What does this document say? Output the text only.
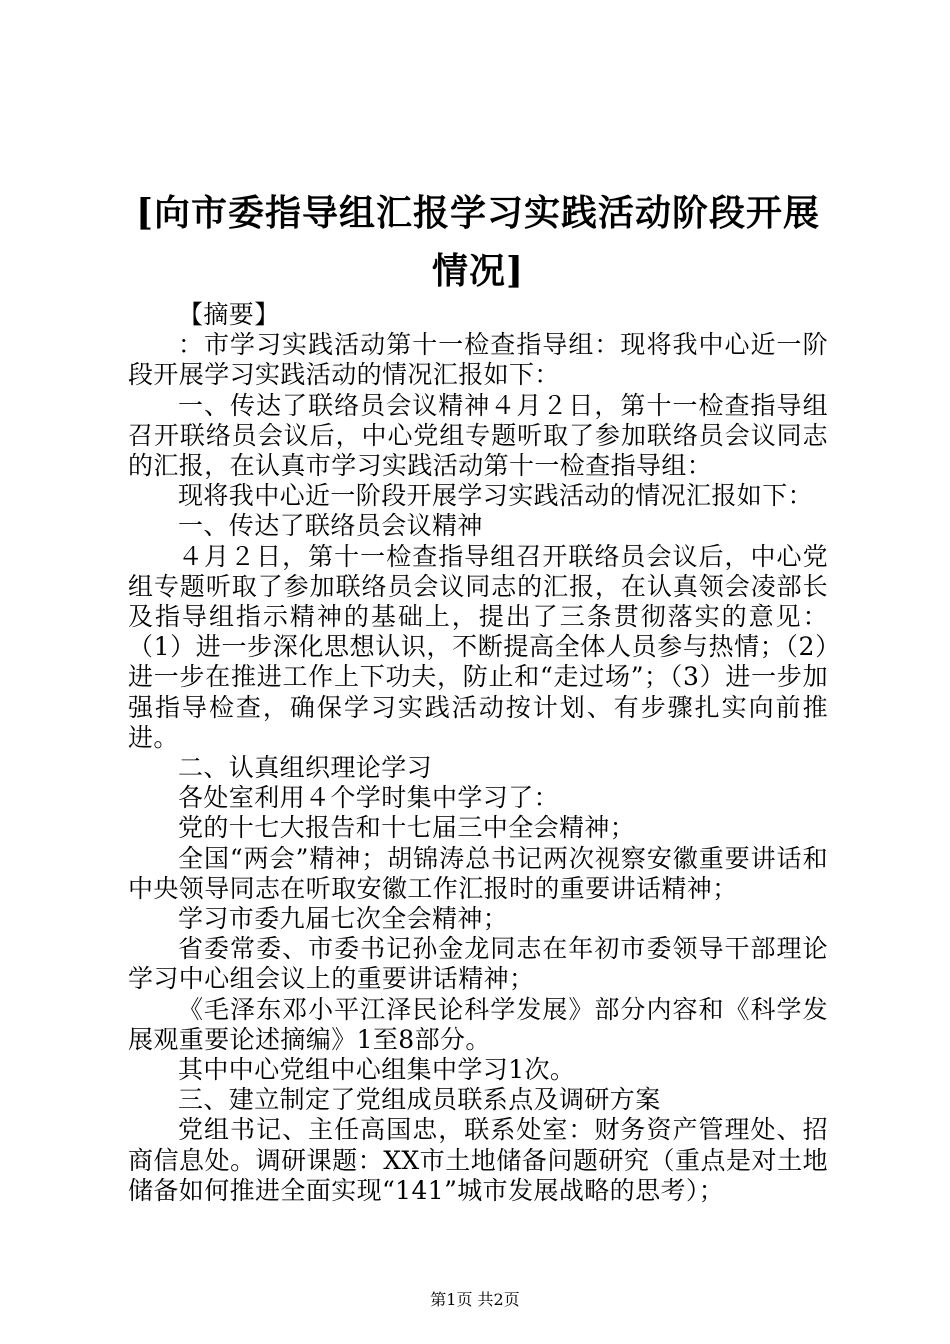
[向市委指导组汇报学习实践活动阶段开展情况]

【摘要】

：市学习实践活动第十一检查指导组：现将我中心近一阶段开展学习实践活动的情况汇报如下：

一、传达了联络员会议精神４月２日，第十一检查指导组召开联络员会议后，中心党组专题听取了参加联络员会议同志的汇报，在认真市学习实践活动第十一检查指导组：

现将我中心近一阶段开展学习实践活动的情况汇报如下：

一、传达了联络员会议精神

４月２日，第十一检查指导组召开联络员会议后，中心党组专题听取了参加联络员会议同志的汇报，在认真领会凌部长及指导组指示精神的基础上，提出了三条贯彻落实的意见：（1）进一步深化思想认识，不断提高全体人员参与热情；（2）进一步在推进工作上下功夫，防止和“走过场”；（3）进一步加强指导检查，确保学习实践活动按计划、有步骤扎实向前推进。

二、认真组织理论学习

各处室利用４个学时集中学习了：

党的十七大报告和十七届三中全会精神；

全国“两会”精神；胡锦涛总书记两次视察安徽重要讲话和中央领导同志在听取安徽工作汇报时的重要讲话精神；

学习市委九届七次全会精神；

省委常委、市委书记孙金龙同志在年初市委领导干部理论学习中心组会议上的重要讲话精神；

《毛泽东邓小平江泽民论科学发展》部分内容和《科学发展观重要论述摘编》1至8部分。

其中中心党组中心组集中学习1次。

三、建立制定了党组成员联系点及调研方案

党组书记、主任高国忠，联系处室：财务资产管理处、招商信息处。调研课题：XX市土地储备问题研究（重点是对土地储备如何推进全面实现“141”城市发展战略的思考）；

第1页 共2页
